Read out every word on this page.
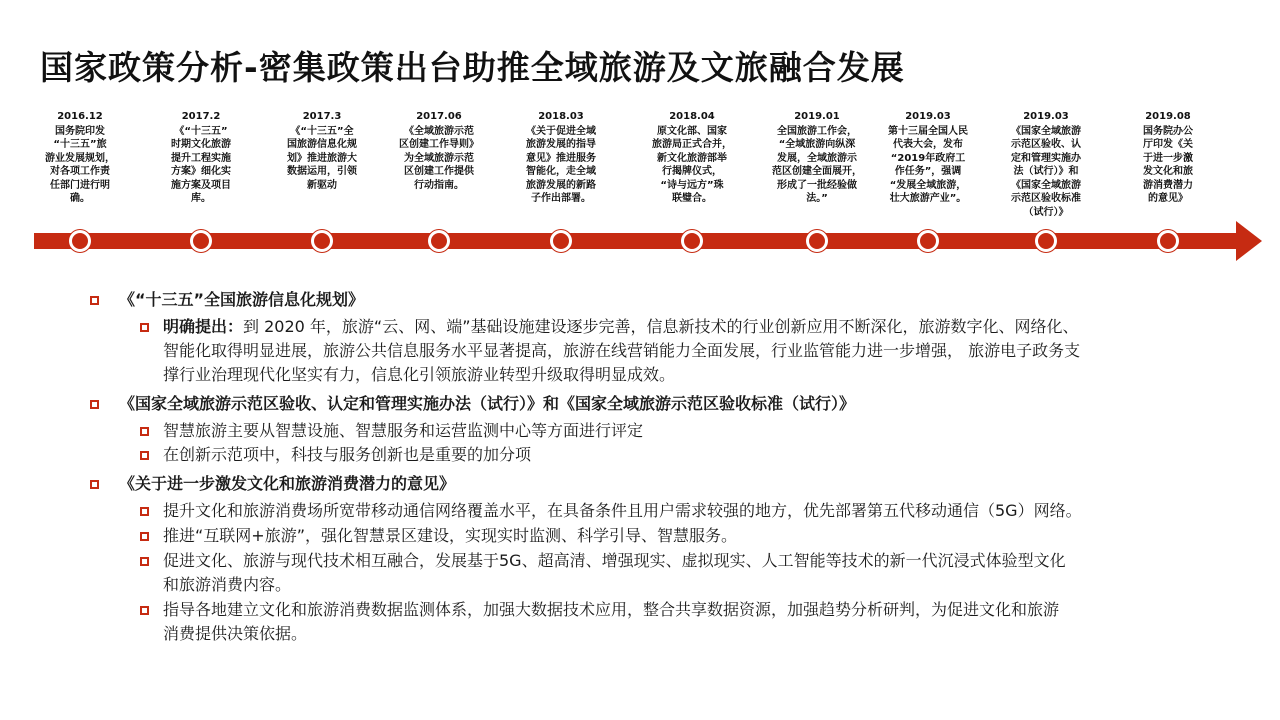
国家政策分析-密集政策出台助推全域旅游及文旅融合发展
2016.12
国务院印发
“十三五”旅
游业发展规划，
对各项工作责
任部门进行明
确。
2017.2
《“十三五”
时期文化旅游
提升工程实施
方案》细化实
施方案及项目
库。
2017.3
《“十三五”全
国旅游信息化规
划》推进旅游大
数据运用，引领
新驱动
2017.06
《全域旅游示范
区创建工作导则》
为全域旅游示范
区创建工作提供
行动指南。
2018.03
《关于促进全域
旅游发展的指导
意见》推进服务
智能化，走全域
旅游发展的新路
子作出部署。
2018.04
原文化部、国家
旅游局正式合并，
新文化旅游部举
行揭牌仪式，
“诗与远方”珠
联璧合。
2019.01
全国旅游工作会，
“全域旅游向纵深
发展，全域旅游示
范区创建全面展开，
形成了一批经验做
法。”
2019.03
第十三届全国人民
代表大会，发布
“2019年政府工
作任务”，强调
“发展全域旅游，
壮大旅游产业”。
2019.03
《国家全域旅游
示范区验收、认
定和管理实施办
法（试行）》和
《国家全域旅游
示范区验收标准
（试行）》
2019.08
国务院办公
厅印发《关
于进一步激
发文化和旅
游消费潜力
的意见》
《“十三五”全国旅游信息化规划》
明确提出： 到 2020 年，旅游“云、网、端”基础设施建设逐步完善，信息新技术的行业创新应用不断深化，旅游数字化、网络化、
智能化取得明显进展，旅游公共信息服务水平显著提高，旅游在线营销能力全面发展，行业监管能力进一步增强， 旅游电子政务支
撑行业治理现代化坚实有力，信息化引领旅游业转型升级取得明显成效。
《国家全域旅游示范区验收、认定和管理实施办法（试行）》和《国家全域旅游示范区验收标准（试行）》
智慧旅游主要从智慧设施、智慧服务和运营监测中心等方面进行评定
在创新示范项中，科技与服务创新也是重要的加分项
《关于进一步激发文化和旅游消费潜力的意见》
提升文化和旅游消费场所宽带移动通信网络覆盖水平，在具备条件且用户需求较强的地方，优先部署第五代移动通信（5G）网络。
推进“互联网+旅游”，强化智慧景区建设，实现实时监测、科学引导、智慧服务。
促进文化、旅游与现代技术相互融合，发展基于5G、超高清、增强现实、虚拟现实、人工智能等技术的新一代沉浸式体验型文化
和旅游消费内容。
指导各地建立文化和旅游消费数据监测体系，加强大数据技术应用，整合共享数据资源，加强趋势分析研判，为促进文化和旅游
消费提供决策依据。
